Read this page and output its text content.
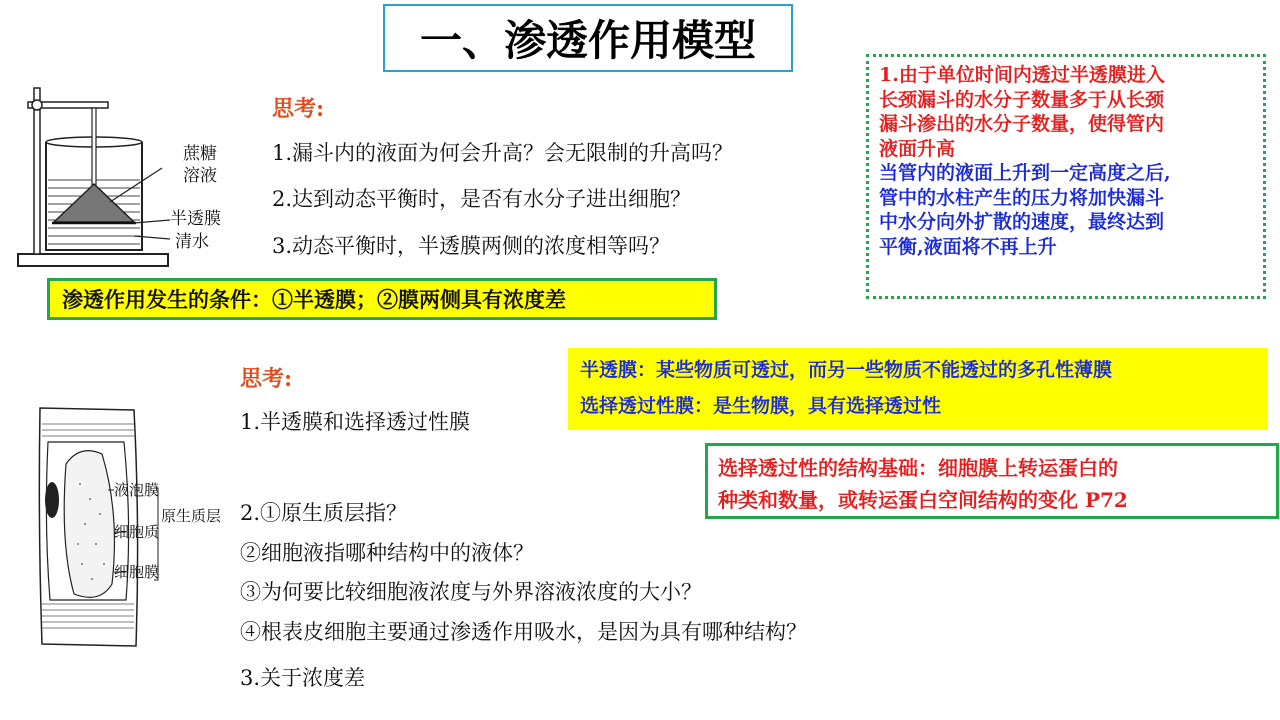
一、渗透作用模型
蔗糖
溶液
半透膜
清水
思考:
1.漏斗内的液面为何会升高？会无限制的升高吗？
2.达到动态平衡时，是否有水分子进出细胞？
3.动态平衡时，半透膜两侧的浓度相等吗？
渗透作用发生的条件：①半透膜；②膜两侧具有浓度差
1.由于单位时间内透过半透膜进入
长颈漏斗的水分子数量多于从长颈
漏斗渗出的水分子数量，使得管内
液面升高
当管内的液面上升到一定高度之后,
管中的水柱产生的压力将加快漏斗
中水分向外扩散的速度，最终达到
平衡,液面将不再上升
思考:
1.半透膜和选择透过性膜
2.①原生质层指？
②细胞液指哪种结构中的液体？
③为何要比较细胞液浓度与外界溶液浓度的大小？
④根表皮细胞主要通过渗透作用吸水，是因为具有哪种结构？
3.关于浓度差
液泡膜
细胞质
细胞膜
原生质层
半透膜：某些物质可透过，而另一些物质不能透过的多孔性薄膜
选择透过性膜：是生物膜，具有选择透过性
选择透过性的结构基础：细胞膜上转运蛋白的
种类和数量，或转运蛋白空间结构的变化 P72
